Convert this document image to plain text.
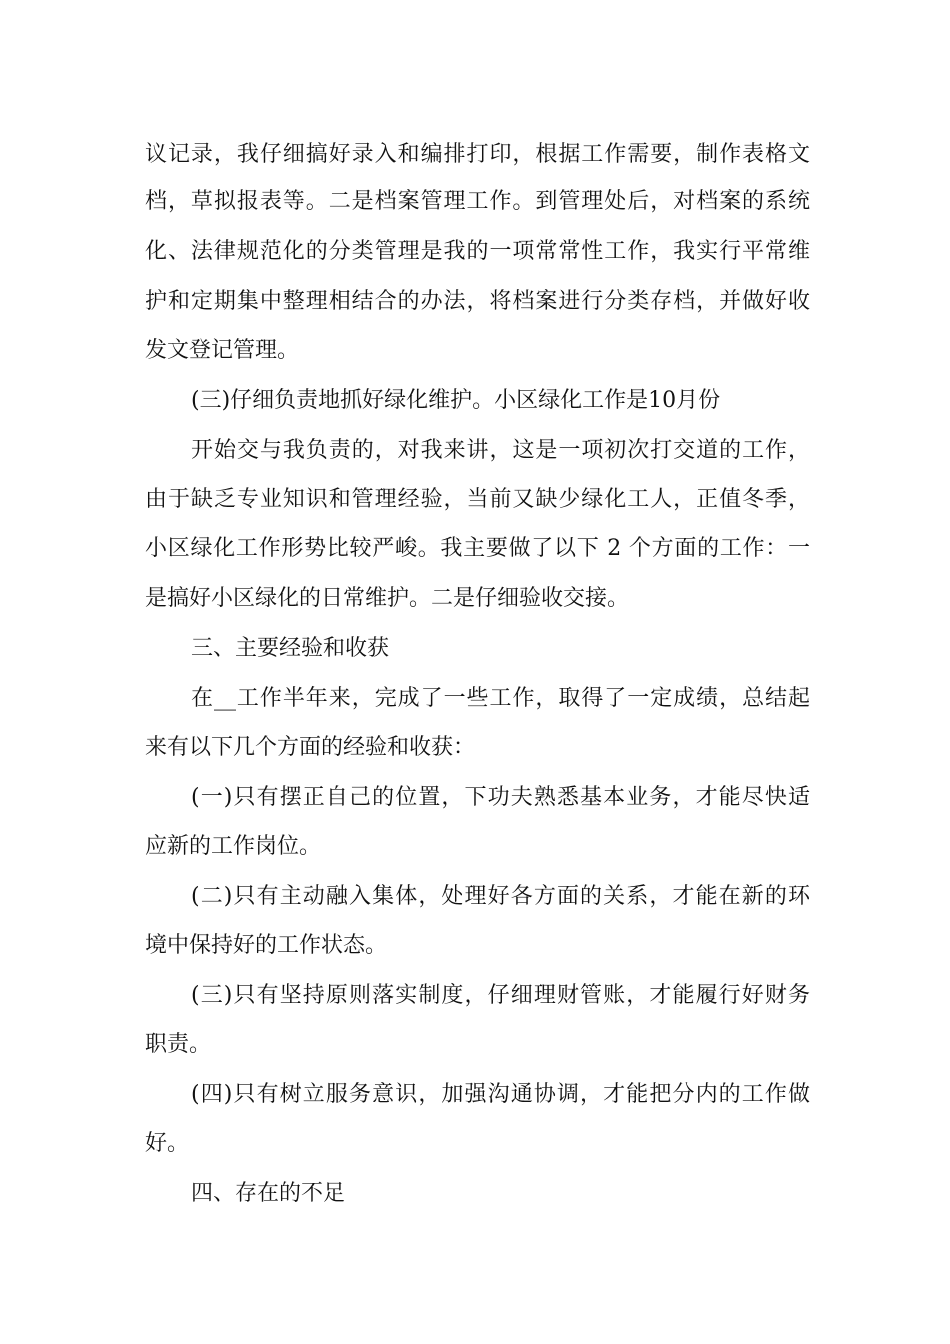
议记录，我仔细搞好录入和编排打印，根据工作需要，制作表格文
档，草拟报表等。二是档案管理工作。到管理处后，对档案的系统
化、法律规范化的分类管理是我的一项常常性工作，我实行平常维
护和定期集中整理相结合的办法，将档案进行分类存档，并做好收
发文登记管理。
(三)仔细负责地抓好绿化维护。小区绿化工作是10月份
开始交与我负责的，对我来讲，这是一项初次打交道的工作，
由于缺乏专业知识和管理经验，当前又缺少绿化工人，正值冬季，
小区绿化工作形势比较严峻。我主要做了以下 2 个方面的工作：一
是搞好小区绿化的日常维护。二是仔细验收交接。
三、主要经验和收获
在__工作半年来，完成了一些工作，取得了一定成绩，总结起
来有以下几个方面的经验和收获：
(一)只有摆正自己的位置，下功夫熟悉基本业务，才能尽快适
应新的工作岗位。
(二)只有主动融入集体，处理好各方面的关系，才能在新的环
境中保持好的工作状态。
(三)只有坚持原则落实制度，仔细理财管账，才能履行好财务
职责。
(四)只有树立服务意识，加强沟通协调，才能把分内的工作做
好。
四、存在的不足
